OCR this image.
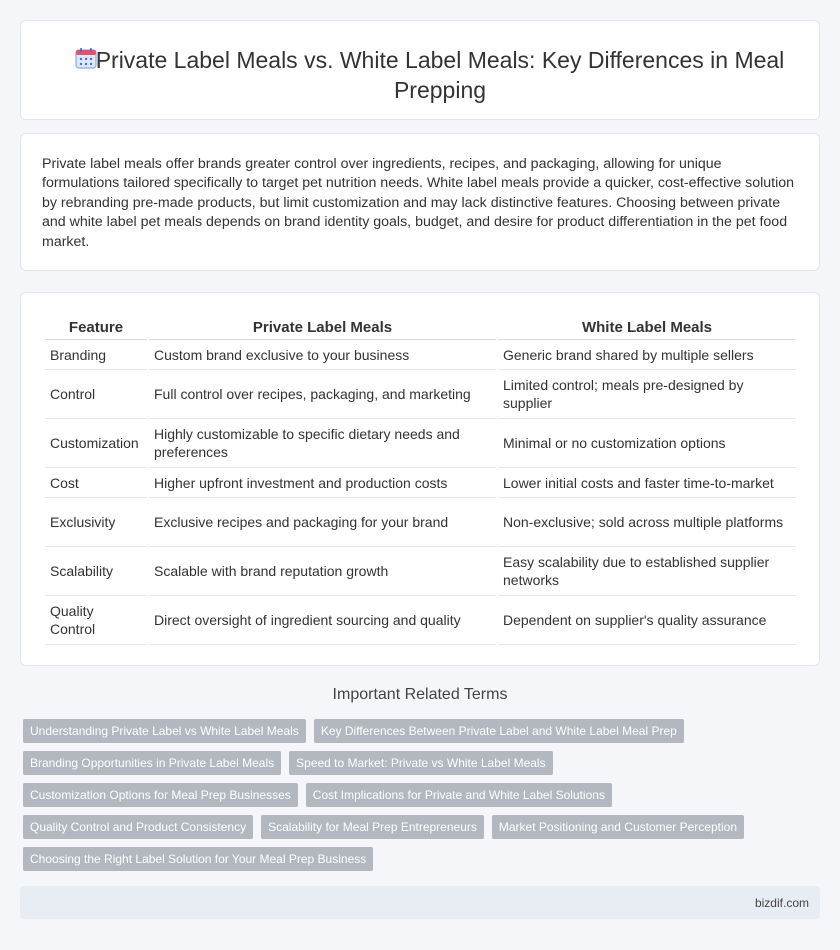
Private Label Meals vs. White Label Meals: Key Differences in Meal Prepping

Private label meals offer brands greater control over ingredients, recipes, and packaging, allowing for unique formulations tailored specifically to target pet nutrition needs. White label meals provide a quicker, cost-effective solution by rebranding pre-made products, but limit customization and may lack distinctive features. Choosing between private and white label pet meals depends on brand identity goals, budget, and desire for product differentiation in the pet food market.

Feature	Private Label Meals	White Label Meals
Branding	Custom brand exclusive to your business	Generic brand shared by multiple sellers
Control	Full control over recipes, packaging, and marketing	Limited control; meals pre-designed by supplier
Customization	Highly customizable to specific dietary needs and preferences	Minimal or no customization options
Cost	Higher upfront investment and production costs	Lower initial costs and faster time-to-market
Exclusivity	Exclusive recipes and packaging for your brand	Non-exclusive; sold across multiple platforms
Scalability	Scalable with brand reputation growth	Easy scalability due to established supplier networks
Quality Control	Direct oversight of ingredient sourcing and quality	Dependent on supplier's quality assurance
Important Related Terms
Understanding Private Label vs White Label Meals	Key Differences Between Private Label and White Label Meal Prep
Branding Opportunities in Private Label Meals	Speed to Market: Private vs White Label Meals
Customization Options for Meal Prep Businesses	Cost Implications for Private and White Label Solutions
Quality Control and Product Consistency	Scalability for Meal Prep Entrepreneurs	Market Positioning and Customer Perception
Choosing the Right Label Solution for Your Meal Prep Business
bizdif.com
